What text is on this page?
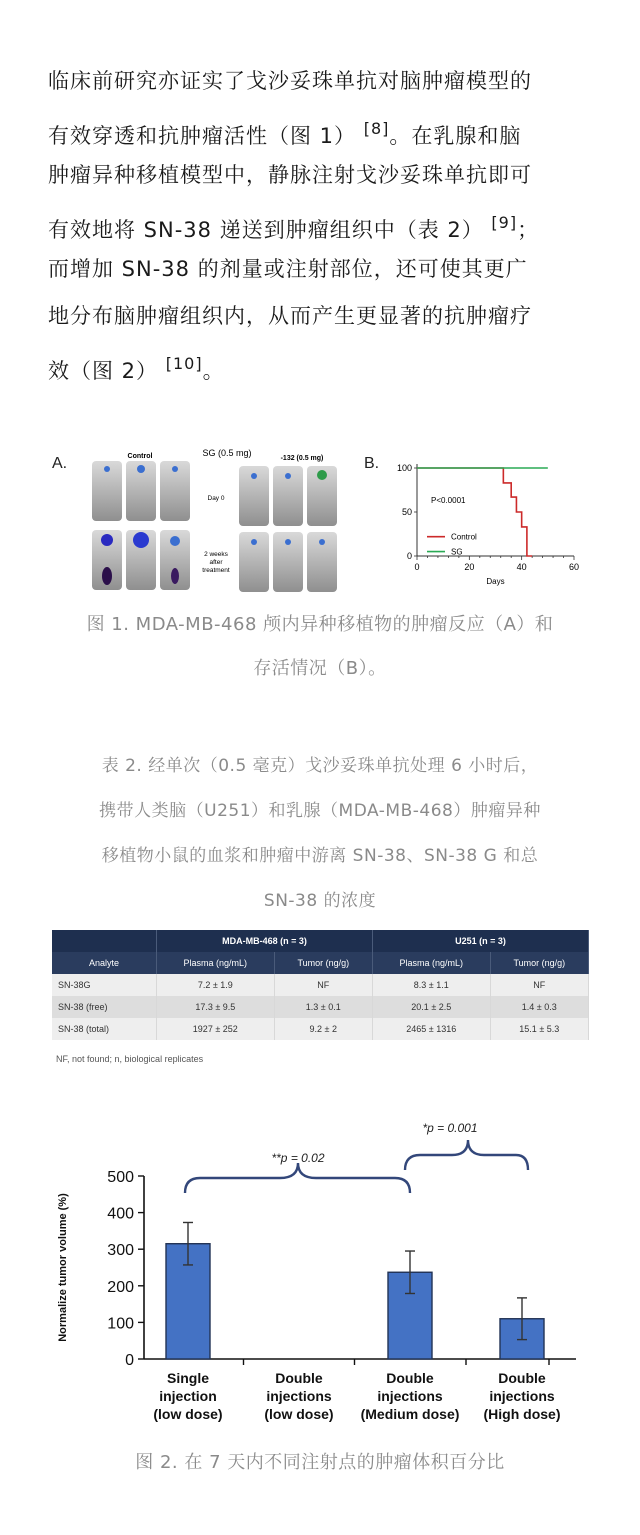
临床前研究亦证实了戈沙妥珠单抗对脑肿瘤模型的
有效穿透和抗肿瘤活性（图 1） [8]。在乳腺和脑
肿瘤异种移植模型中，静脉注射戈沙妥珠单抗即可
有效地将 SN-38 递送到肿瘤组织中（表 2） [9]；
而增加 SN-38 的剂量或注射部位，还可使其更广
地分布脑肿瘤组织内，从而产生更显著的抗肿瘤疗
效（图 2） [10]。
A.	Control	SG (0.5 mg)
-132 (0.5 mg)
Day 0
2 weeks
after
treatment
B.
0	20	40	60
0
50
100
Days
P<0.0001
Control
SG
图 1. MDA-MB-468 颅内异种移植物的肿瘤反应（A）和
存活情况（B）。
表 2. 经单次（0.5 毫克）戈沙妥珠单抗处理 6 小时后，
携带人类脑（U251）和乳腺（MDA-MB-468）肿瘤异种
移植物小鼠的血浆和肿瘤中游离 SN-38、SN-38 G 和总
SN-38 的浓度
	MDA-MB-468 (n = 3)		U251 (n = 3)	
Analyte	Plasma (ng/mL)	Tumor (ng/g)	Plasma (ng/mL)	Tumor (ng/g)
SN-38G	7.2 ± 1.9	NF	8.3 ± 1.1	NF
SN-38 (free)	17.3 ± 9.5	1.3 ± 0.1	20.1 ± 2.5	1.4 ± 0.3
SN-38 (total)	1927 ± 252	9.2 ± 2	2465 ± 1316	15.1 ± 5.3
NF, not found; n, biological replicates
0
100
200
300
400
500
Normalize tumor volume (%)
Single
injection
(low dose)
Double
injections
(low dose)
Double
injections
(Medium dose)
Double
injections
(High dose)
**p = 0.02
*p = 0.001
图 2. 在 7 天内不同注射点的肿瘤体积百分比
